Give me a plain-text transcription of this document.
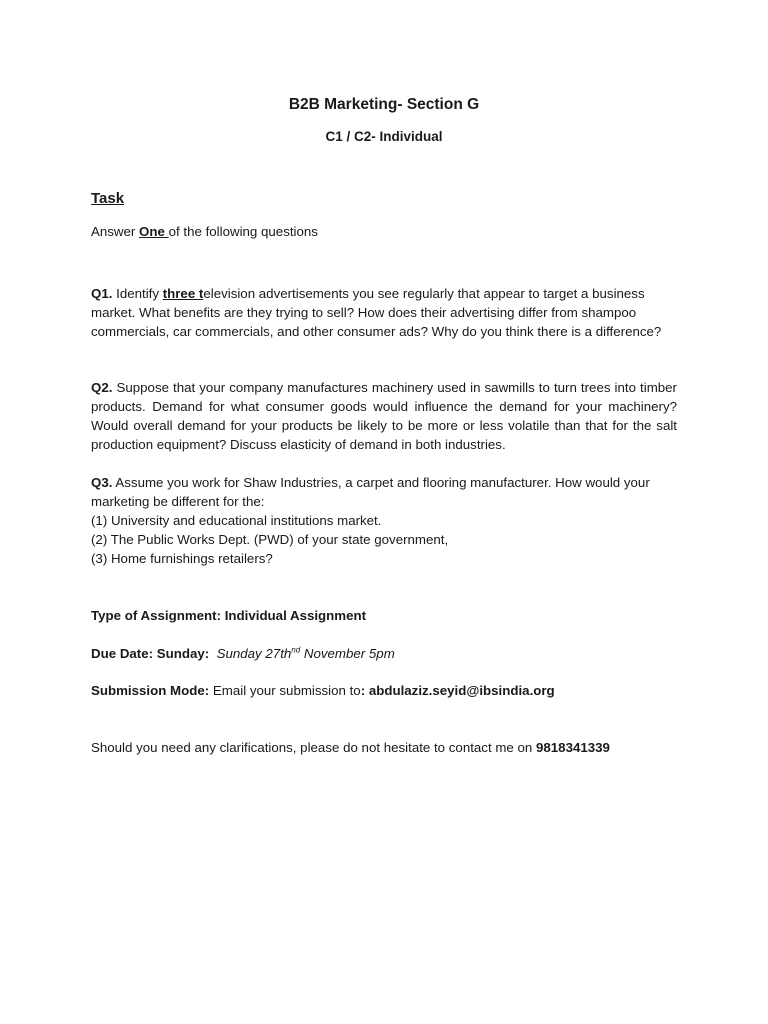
B2B Marketing- Section G
C1 / C2- Individual
Task
Answer One of the following questions
Q1. Identify three television advertisements you see regularly that appear to target a business market. What benefits are they trying to sell? How does their advertising differ from shampoo commercials, car commercials, and other consumer ads? Why do you think there is a difference?
Q2. Suppose that your company manufactures machinery used in sawmills to turn trees into timber products. Demand for what consumer goods would influence the demand for your machinery? Would overall demand for your products be likely to be more or less volatile than that for the salt production equipment? Discuss elasticity of demand in both industries.
Q3. Assume you work for Shaw Industries, a carpet and flooring manufacturer. How would your marketing be different for the:
(1) University and educational institutions market.
(2) The Public Works Dept. (PWD) of your state government,
(3) Home furnishings retailers?
Type of Assignment: Individual Assignment
Due Date: Sunday: Sunday $27th^{nd}$ November 5pm
Submission Mode: Email your submission to: abdulaziz.seyid@ibsindia.org
Should you need any clarifications, please do not hesitate to contact me on 9818341339
